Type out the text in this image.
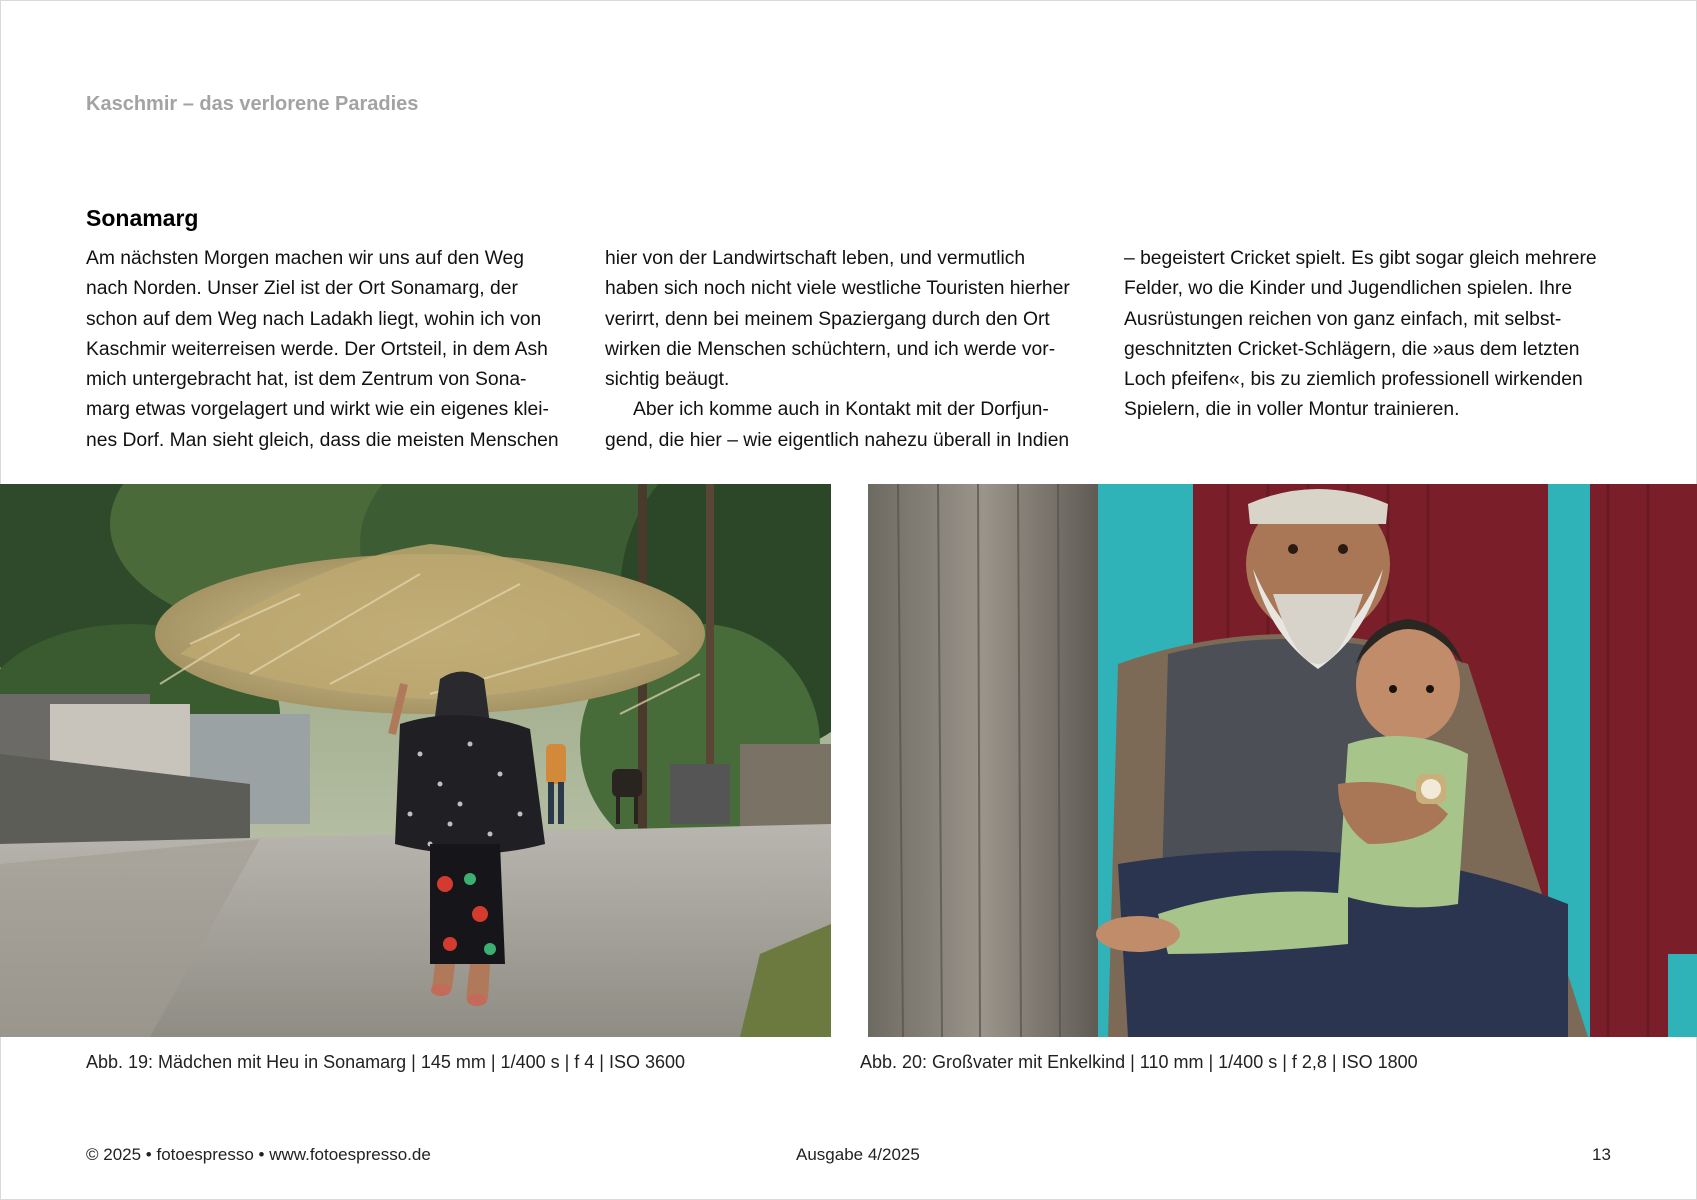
Kaschmir – das verlorene Paradies
Sonamarg
Am nächsten Morgen machen wir uns auf den Weg
nach Norden. Unser Ziel ist der Ort Sonamarg, der
schon auf dem Weg nach Ladakh liegt, wohin ich von
Kaschmir weiterreisen werde. Der Ortsteil, in dem Ash
mich untergebracht hat, ist dem Zentrum von Sona-
marg etwas vorgelagert und wirkt wie ein eigenes klei-
nes Dorf. Man sieht gleich, dass die meisten Menschen
hier von der Landwirtschaft leben, und vermutlich
haben sich noch nicht viele westliche Touristen hierher
verirrt, denn bei meinem Spaziergang durch den Ort
wirken die Menschen schüchtern, und ich werde vor-
sichtig beäugt.
Aber ich komme auch in Kontakt mit der Dorfjun-
gend, die hier – wie eigentlich nahezu überall in Indien
– begeistert Cricket spielt. Es gibt sogar gleich mehrere
Felder, wo die Kinder und Jugendlichen spielen. Ihre
Ausrüstungen reichen von ganz einfach, mit selbst-
geschnitzten Cricket-Schlägern, die »aus dem letzten
Loch pfeifen«, bis zu ziemlich professionell wirkenden
Spielern, die in voller Montur trainieren.
Abb. 19: Mädchen mit Heu in Sonamarg | 145 mm | 1/400 s | f 4 | ISO 3600	Abb. 20: Großvater mit Enkelkind | 110 mm | 1/400 s | f 2,8 | ISO 1800
© 2025 • fotoespresso • www.fotoespresso.de	Ausgabe 4/2025	13
